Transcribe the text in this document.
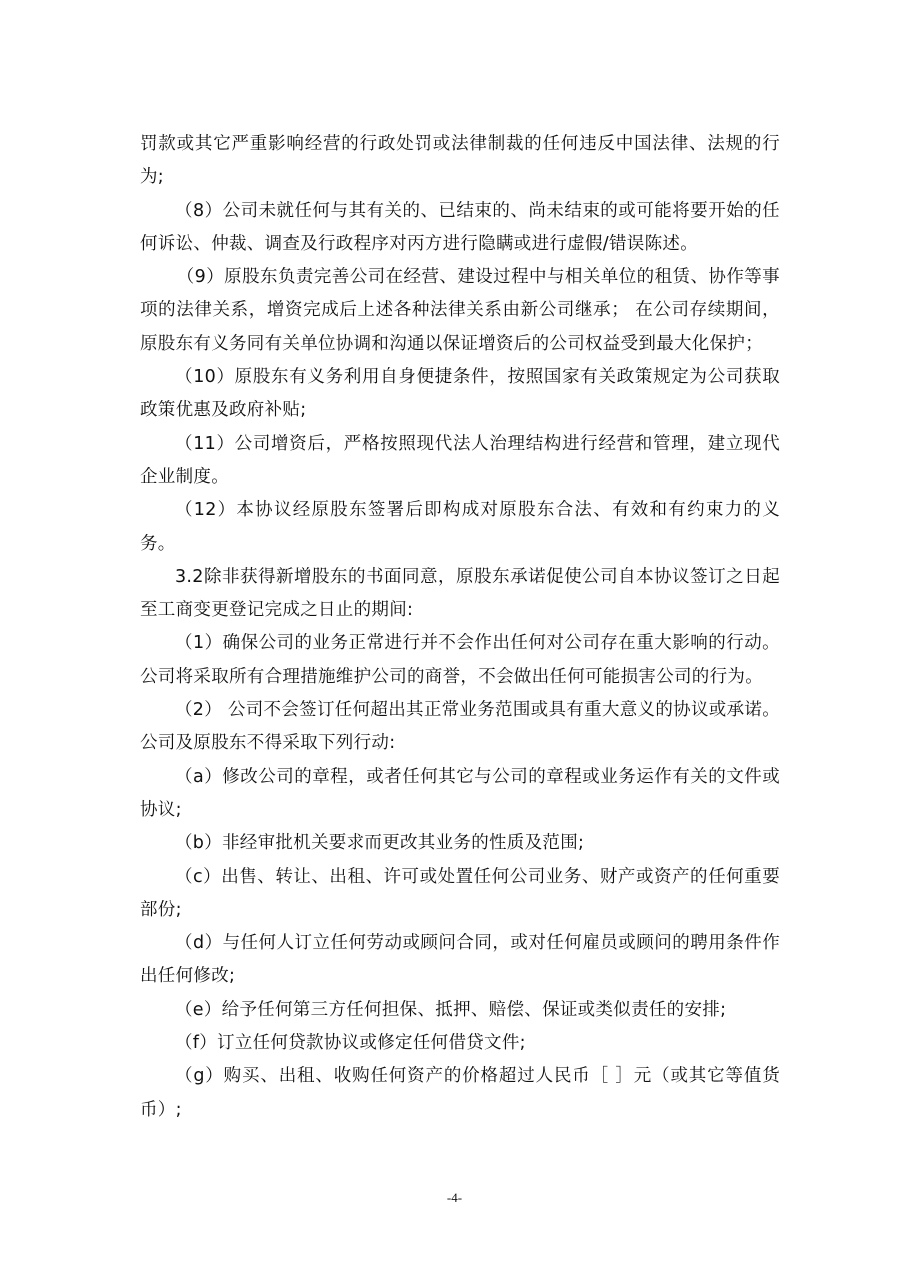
罚款或其它严重影响经营的行政处罚或法律制裁的任何违反中国法律、法规的行为;

（8）公司未就任何与其有关的、已结束的、尚未结束的或可能将要开始的任何诉讼、仲裁、调查及行政程序对丙方进行隐瞒或进行虚假/错误陈述。

（9）原股东负责完善公司在经营、建设过程中与相关单位的租赁、协作等事项的法律关系，增资完成后上述各种法律关系由新公司继承； 在公司存续期间，原股东有义务同有关单位协调和沟通以保证增资后的公司权益受到最大化保护；

（10）原股东有义务利用自身便捷条件，按照国家有关政策规定为公司获取政策优惠及政府补贴;

（11）公司增资后，严格按照现代法人治理结构进行经营和管理，建立现代企业制度。

（12）本协议经原股东签署后即构成对原股东合法、有效和有约束力的义务。

3.2除非获得新增股东的书面同意，原股东承诺促使公司自本协议签订之日起至工商变更登记完成之日止的期间:

（1）确保公司的业务正常进行并不会作出任何对公司存在重大影响的行动。公司将采取所有合理措施维护公司的商誉，不会做出任何可能损害公司的行为。

（2） 公司不会签订任何超出其正常业务范围或具有重大意义的协议或承诺。公司及原股东不得采取下列行动:

（a）修改公司的章程，或者任何其它与公司的章程或业务运作有关的文件或协议;

（b）非经审批机关要求而更改其业务的性质及范围;

（c）出售、转让、出租、许可或处置任何公司业务、财产或资产的任何重要部份;

（d）与任何人订立任何劳动或顾问合同，或对任何雇员或顾问的聘用条件作出任何修改;

（e）给予任何第三方任何担保、抵押、赔偿、保证或类似责任的安排;

（f）订立任何贷款协议或修定任何借贷文件;

（g）购买、出租、收购任何资产的价格超过人民币［ ］元（或其它等值货币）;

-4-
